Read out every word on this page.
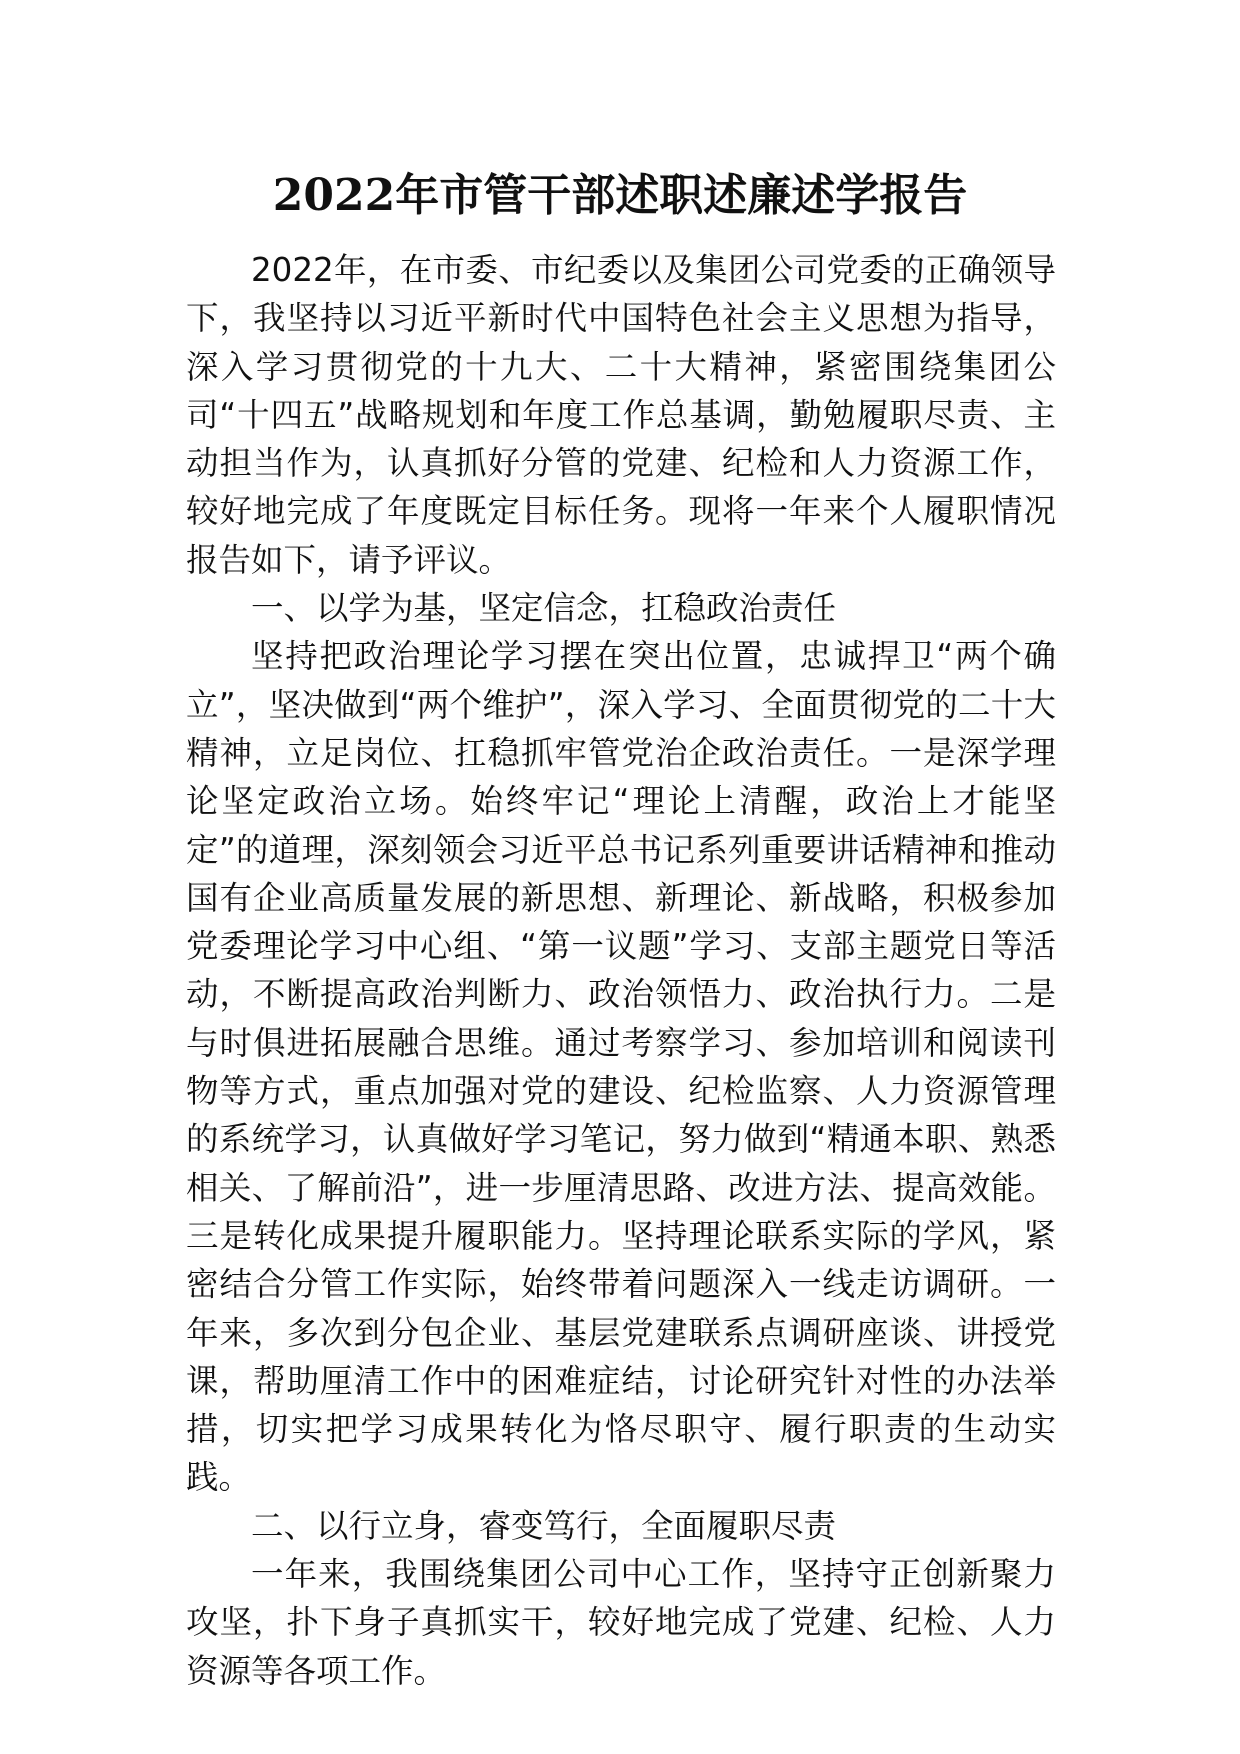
2022年市管干部述职述廉述学报告

2022年，在市委、市纪委以及集团公司党委的正确领导下，我坚持以习近平新时代中国特色社会主义思想为指导，深入学习贯彻党的十九大、二十大精神，紧密围绕集团公司“十四五”战略规划和年度工作总基调，勤勉履职尽责、主动担当作为，认真抓好分管的党建、纪检和人力资源工作，较好地完成了年度既定目标任务。现将一年来个人履职情况报告如下，请予评议。

一、以学为基，坚定信念，扛稳政治责任

坚持把政治理论学习摆在突出位置，忠诚捍卫“两个确立”，坚决做到“两个维护”，深入学习、全面贯彻党的二十大精神，立足岗位、扛稳抓牢管党治企政治责任。一是深学理论坚定政治立场。始终牢记“理论上清醒，政治上才能坚定”的道理，深刻领会习近平总书记系列重要讲话精神和推动国有企业高质量发展的新思想、新理论、新战略，积极参加党委理论学习中心组、“第一议题”学习、支部主题党日等活动，不断提高政治判断力、政治领悟力、政治执行力。二是与时俱进拓展融合思维。通过考察学习、参加培训和阅读刊物等方式，重点加强对党的建设、纪检监察、人力资源管理的系统学习，认真做好学习笔记，努力做到“精通本职、熟悉相关、了解前沿”，进一步厘清思路、改进方法、提高效能。三是转化成果提升履职能力。坚持理论联系实际的学风，紧密结合分管工作实际，始终带着问题深入一线走访调研。一年来，多次到分包企业、基层党建联系点调研座谈、讲授党课，帮助厘清工作中的困难症结，讨论研究针对性的办法举措，切实把学习成果转化为恪尽职守、履行职责的生动实践。

二、以行立身，睿变笃行，全面履职尽责

一年来，我围绕集团公司中心工作，坚持守正创新聚力攻坚，扑下身子真抓实干，较好地完成了党建、纪检、人力资源等各项工作。
